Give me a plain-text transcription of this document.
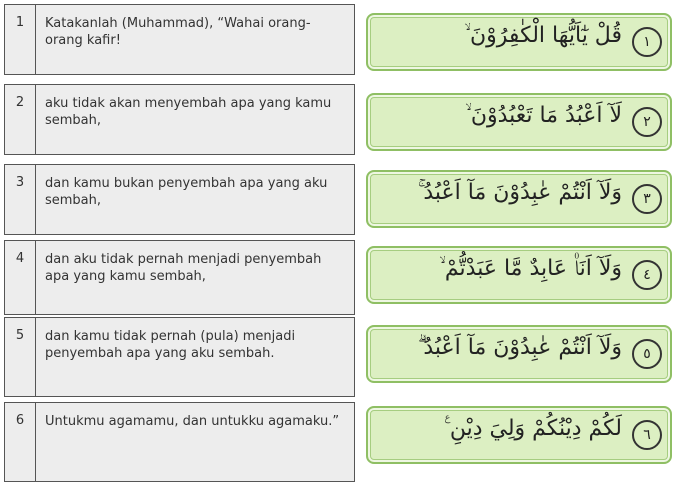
1	Katakanlah (Muhammad), “Wahai orang-orang kafir!
2	aku tidak akan menyembah apa yang kamu sembah,
3	dan kamu bukan penyembah apa yang aku sembah,
4	dan aku tidak pernah menjadi penyembah apa yang kamu sembah,
5	dan kamu tidak pernah (pula) menjadi penyembah apa yang aku sembah.
6	Untukmu agamamu, dan untukku agamaku.”
قُلْ يٰٓاَيُّهَا الْكٰفِرُوْنَ ۙ	١
لَآ اَعْبُدُ مَا تَعْبُدُوْنَ ۙ	٢
وَلَآ اَنْتُمْ عٰبِدُوْنَ مَآ اَعْبُدُ ۚ	٣
وَلَآ اَنَا۠ عَابِدٌ مَّا عَبَدْتُّمْ ۙ	٤
وَلَآ اَنْتُمْ عٰبِدُوْنَ مَآ اَعْبُدُ ۗ	٥
لَكُمْ دِيْنُكُمْ وَلِيَ دِيْنِ ࣖ	٦
